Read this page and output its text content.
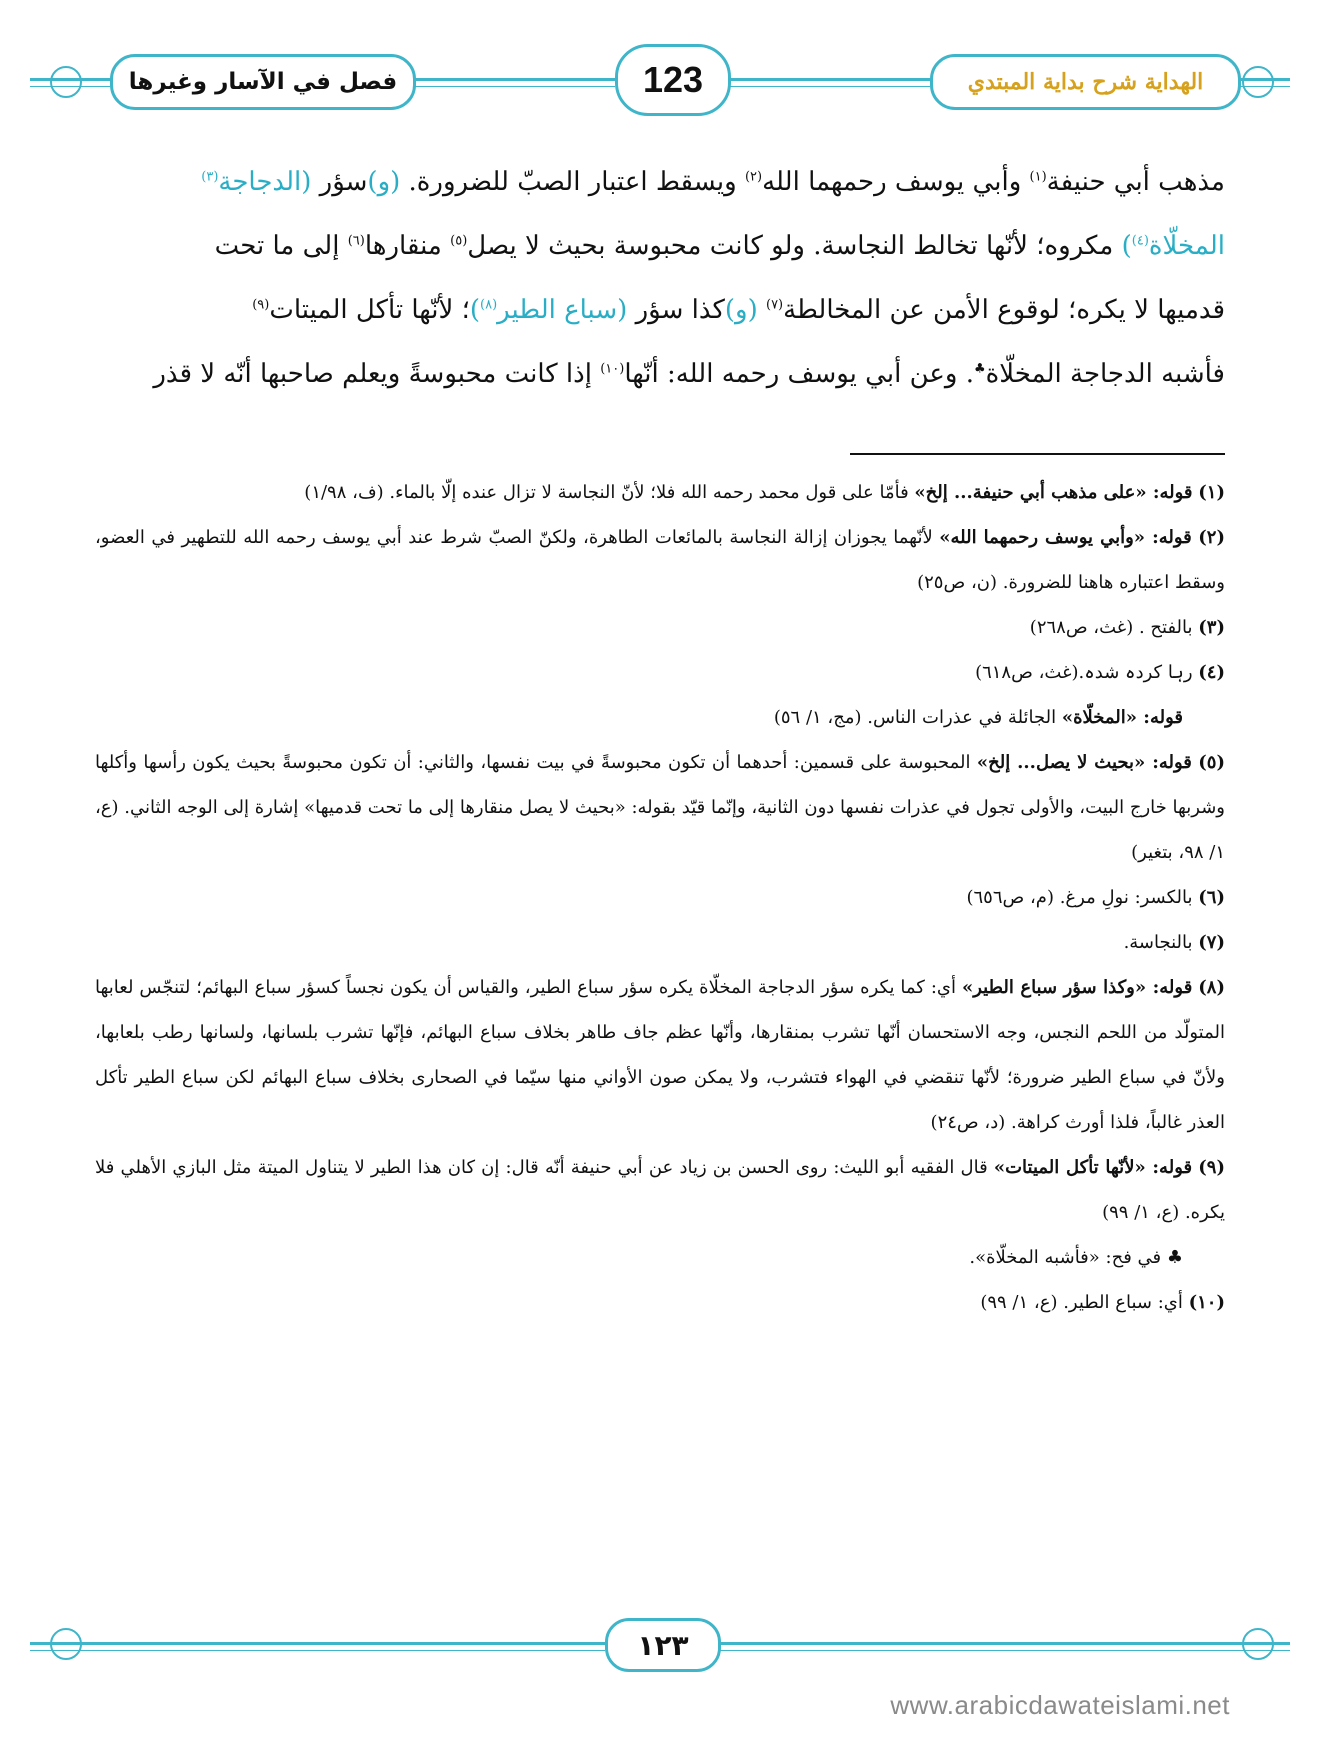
فصل في الآسار وغيرها	123	الهداية شرح بداية المبتدي

مذهب أبي حنيفة$^{(١)}$ وأبي يوسف رحمهما الله$^{(٢)}$ ويسقط اعتبار الصبّ للضرورة. (و)سؤر (الدجاجة$^{(٣)}$

المخلّاة$^{(٤)}$) مكروه؛ لأنّها تخالط النجاسة. ولو كانت محبوسة بحيث لا يصل$^{(٥)}$ منقارها$^{(٦)}$ إلى ما تحت

قدميها لا يكره؛ لوقوع الأمن عن المخالطة$^{(٧)}$ (و)كذا سؤر (سباع الطير$^{(٨)}$)؛ لأنّها تأكل الميتات$^{(٩)}$

فأشبه الدجاجة المخلّاة♣. وعن أبي يوسف رحمه الله: أنّها$^{(١٠)}$ إذا كانت محبوسةً ويعلم صاحبها أنّه لا قذر

(١) قوله: «على مذهب أبي حنيفة... إلخ» فأمّا على قول محمد رحمه الله فلا؛ لأنّ النجاسة لا تزال عنده إلّا بالماء. (ف، ١/٩٨)

(٢) قوله: «وأبي يوسف رحمهما الله» لأنّهما يجوزان إزالة النجاسة بالمائعات الطاهرة، ولكنّ الصبّ شرط عند أبي يوسف رحمه الله للتطهير في العضو، وسقط اعتباره هاهنا للضرورة. (ن، ص٢٥)

(٣) بالفتح . (غث، ص٢٦٨)

(٤) رہا کردہ شدہ.(غث، ص٦١٨)

قوله: «المخلّاة» الجائلة في عذرات الناس. (مج، ١/ ٥٦)

(٥) قوله: «بحيث لا يصل... إلخ» المحبوسة على قسمين: أحدهما أن تكون محبوسةً في بيت نفسها، والثاني: أن تكون محبوسةً بحيث يكون رأسها وأكلها وشربها خارج البيت، والأولى تجول في عذرات نفسها دون الثانية، وإنّما قيّد بقوله: «بحيث لا يصل منقارها إلى ما تحت قدميها» إشارة إلى الوجه الثاني. (ع، ١/ ٩٨، بتغير)

(٦) بالكسر: نولِ مرغ. (م، ص٦٥٦)

(٧) بالنجاسة.

(٨) قوله: «وكذا سؤر سباع الطير» أي: كما يكره سؤر الدجاجة المخلّاة يكره سؤر سباع الطير، والقياس أن يكون نجساً كسؤر سباع البهائم؛ لتنجّس لعابها المتولّد من اللحم النجس، وجه الاستحسان أنّها تشرب بمنقارها، وأنّها عظم جاف طاهر بخلاف سباع البهائم، فإنّها تشرب بلسانها، ولسانها رطب بلعابها، ولأنّ في سباع الطير ضرورة؛ لأنّها تنقضي في الهواء فتشرب، ولا يمكن صون الأواني منها سيّما في الصحارى بخلاف سباع البهائم لكن سباع الطير تأكل العذر غالباً، فلذا أورث كراهة. (د، ص٢٤)

(٩) قوله: «لأنّها تأكل الميتات» قال الفقيه أبو الليث: روى الحسن بن زياد عن أبي حنيفة أنّه قال: إن كان هذا الطير لا يتناول الميتة مثل البازي الأهلي فلا يكره. (ع، ١/ ٩٩)

♣ في فح: «فأشبه المخلّاة».

(١٠) أي: سباع الطير. (ع، ١/ ٩٩)

١٢٣
www.arabicdawateislami.net
